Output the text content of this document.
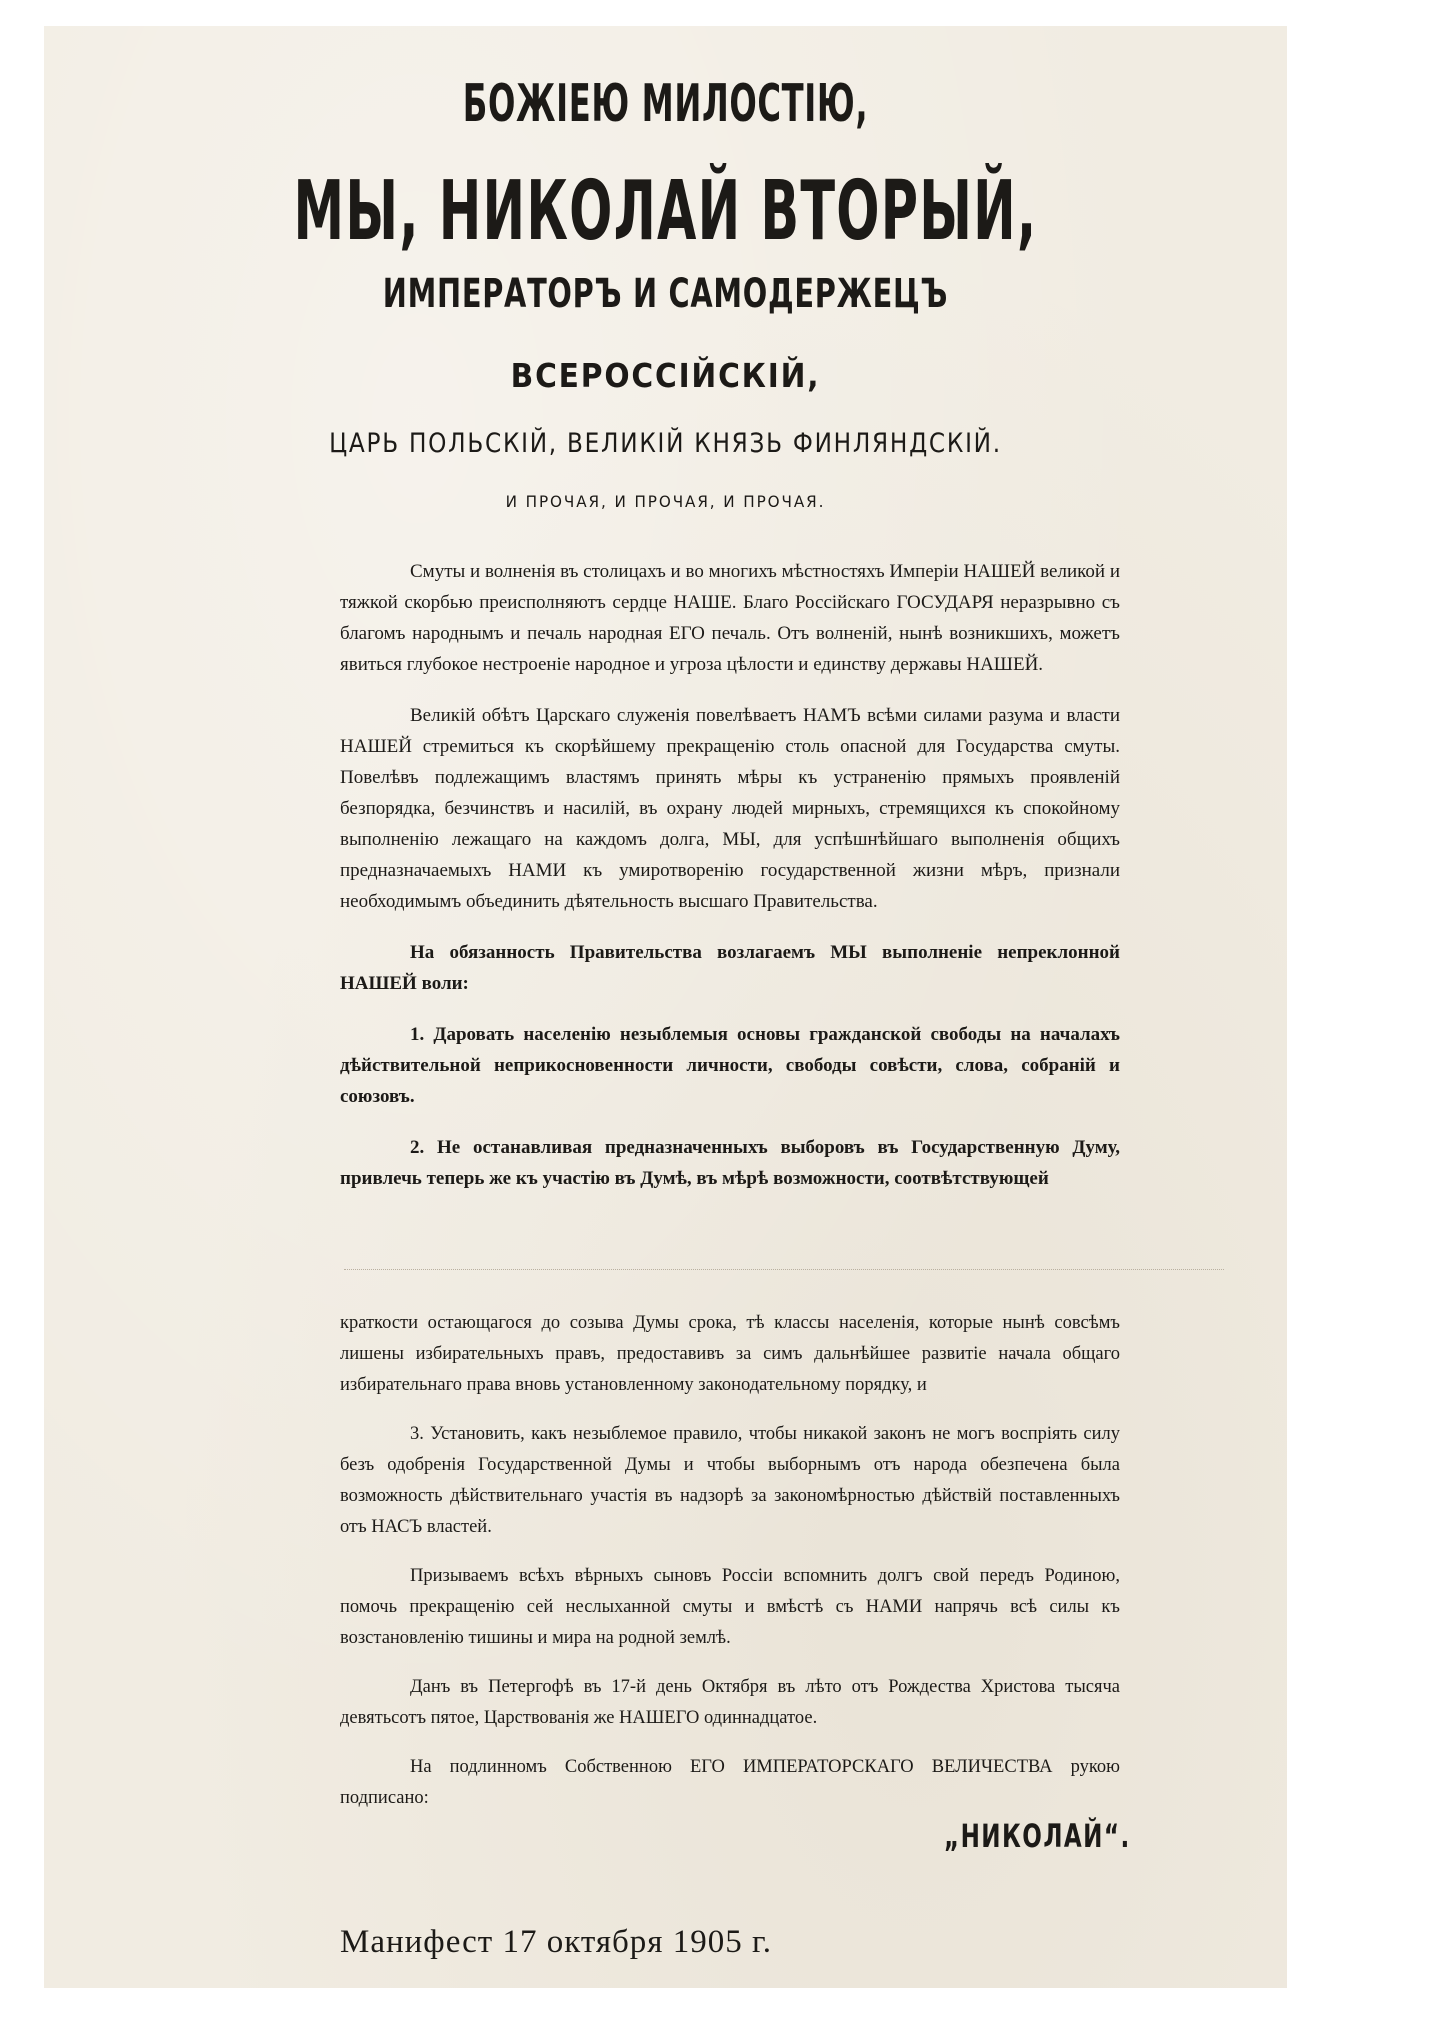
БОЖІЕЮ МИЛОСТІЮ,
МЫ, НИКОЛАЙ ВТОРЫЙ,
ИМПЕРАТОРЪ И САМОДЕРЖЕЦЪ
ВСЕРОССІЙСКІЙ,
ЦАРЬ ПОЛЬСКІЙ, ВЕЛИКІЙ КНЯЗЬ ФИНЛЯНДСКІЙ.
И ПРОЧАЯ, И ПРОЧАЯ, И ПРОЧАЯ.

Смуты и волненія въ столицахъ и во многихъ мѣстностяхъ Имперіи НАШЕЙ великой и тяжкой скорбью преисполняютъ сердце НАШЕ. Благо Россійскаго ГОСУДАРЯ неразрывно съ благомъ народнымъ и печаль народная ЕГО печаль. Отъ волненій, нынѣ возникшихъ, можетъ явиться глубокое нестроеніе народное и угроза цѣлости и единству державы НАШЕЙ.

Великій обѣтъ Царскаго служенія повелѣваетъ НАМЪ всѣми силами разума и власти НАШЕЙ стремиться къ скорѣйшему прекращенію столь опасной для Государства смуты. Повелѣвъ подлежащимъ властямъ принять мѣры къ устраненію прямыхъ проявленій безпорядка, безчинствъ и насилій, въ охрану людей мирныхъ, стремящихся къ спокойному выполненію лежащаго на каждомъ долга, МЫ, для успѣшнѣйшаго выполненія общихъ предназначаемыхъ НАМИ къ умиротворенію государственной жизни мѣръ, признали необходимымъ объединить дѣятельность высшаго Правительства.

На обязанность Правительства возлагаемъ МЫ выполненіе непреклонной НАШЕЙ воли:

1. Даровать населенію незыблемыя основы гражданской свободы на началахъ дѣйствительной неприкосновенности личности, свободы совѣсти, слова, собраній и союзовъ.

2. Не останавливая предназначенныхъ выборовъ въ Государственную Думу, привлечь теперь же къ участію въ Думѣ, въ мѣрѣ возможности, соотвѣтствующей

краткости остающагося до созыва Думы срока, тѣ классы населенія, которые нынѣ совсѣмъ лишены избирательныхъ правъ, предоставивъ за симъ дальнѣйшее развитіе начала общаго избирательнаго права вновь установленному законодательному порядку, и

3. Установить, какъ незыблемое правило, чтобы никакой законъ не могъ воспріять силу безъ одобренія Государственной Думы и чтобы выборнымъ отъ народа обезпечена была возможность дѣйствительнаго участія въ надзорѣ за закономѣрностью дѣйствій поставленныхъ отъ НАСЪ властей.

Призываемъ всѣхъ вѣрныхъ сыновъ Россіи вспомнить долгъ свой передъ Родиною, помочь прекращенію сей неслыханной смуты и вмѣстѣ съ НАМИ напрячь всѣ силы къ возстановленію тишины и мира на родной землѣ.

Данъ въ Петергофѣ въ 17-й день Октября въ лѣто отъ Рождества Христова тысяча девятьсотъ пятое, Царствованія же НАШЕГО одиннадцатое.

На подлинномъ Собственною ЕГО ИМПЕРАТОРСКАГО ВЕЛИЧЕСТВА рукою подписано:

„НИКОЛАЙ“.
Манифест 17 октября 1905 г.
